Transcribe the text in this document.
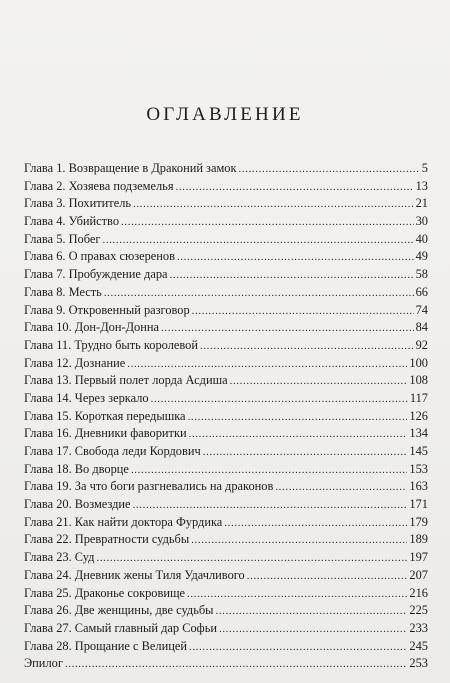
ОГЛАВЛЕНИЕ
Глава 1. Возвращение в Драконий замок .....	5
Глава 2. Хозяева подземелья .....	13
Глава 3. Похититель .....	21
Глава 4. Убийство .....	30
Глава 5. Побег .....	40
Глава 6. О правах сюзеренов .....	49
Глава 7. Пробуждение дара .....	58
Глава 8. Месть .....	66
Глава 9. Откровенный разговор .....	74
Глава 10. Дон-Дон-Донна .....	84
Глава 11. Трудно быть королевой .....	92
Глава 12. Дознание .....	100
Глава 13. Первый полет лорда Асдиша .....	108
Глава 14. Через зеркало .....	117
Глава 15. Короткая передышка .....	126
Глава 16. Дневники фаворитки .....	134
Глава 17. Свобода леди Кордович .....	145
Глава 18. Во дворце .....	153
Глава 19. За что боги разгневались на драконов .....	163
Глава 20. Возмездие .....	171
Глава 21. Как найти доктора Фурдика .....	179
Глава 22. Превратности судьбы .....	189
Глава 23. Суд .....	197
Глава 24. Дневник жены Тиля Удачливого .....	207
Глава 25. Драконье сокровище .....	216
Глава 26. Две женщины, две судьбы .....	225
Глава 27. Самый главный дар Софьи .....	233
Глава 28. Прощание с Велицей .....	245
Эпилог .....	253
